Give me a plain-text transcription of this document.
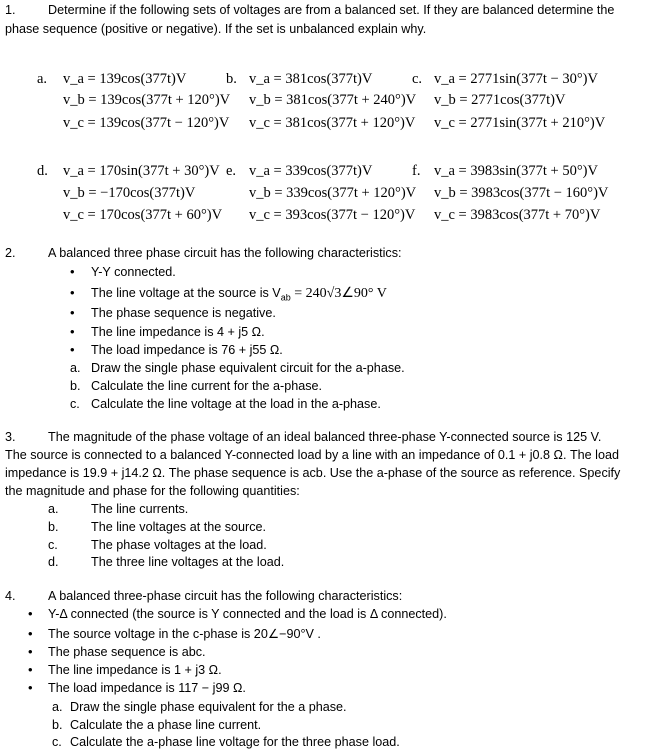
1.	Determine if the following sets of voltages are from a balanced set. If they are balanced determine the
phase sequence (positive or negative). If the set is unbalanced explain why.
2.	A balanced three phase circuit has the following characteristics:
3.	The magnitude of the phase voltage of an ideal balanced three-phase Y-connected source is 125 V.
The source is connected to a balanced Y-connected load by a line with an impedance of 0.1 + j0.8 Ω. The load
impedance is 19.9 + j14.2 Ω. The phase sequence is acb. Use the a-phase of the source as reference. Specify
the magnitude and phase for the following quantities:
4.	A balanced three-phase circuit has the following characteristics:
a. v_a = 139cos(377t)V
v_b = 139cos(377t + 120°)V
v_c = 139cos(377t − 120°)V
b. v_a = 381cos(377t)V
v_b = 381cos(377t + 240°)V
v_c = 381cos(377t + 120°)V
c. v_a = 2771sin(377t − 30°)V
v_b = 2771cos(377t)V
v_c = 2771sin(377t + 210°)V
d. v_a = 170sin(377t + 30°)V
v_b = −170cos(377t)V
v_c = 170cos(377t + 60°)V
e. v_a = 339cos(377t)V
v_b = 339cos(377t + 120°)V
v_c = 393cos(377t − 120°)V
f. v_a = 3983sin(377t + 50°)V
v_b = 3983cos(377t − 160°)V
v_c = 3983cos(377t + 70°)V
• Y-Y connected.
• The line voltage at the source is $V_{ab}$ = 240√3∠90° V
• The phase sequence is negative.
• The line impedance is 4 + j5 Ω.
• The load impedance is 76 + j55 Ω.
a. Draw the single phase equivalent circuit for the a-phase.
b. Calculate the line current for the a-phase.
c. Calculate the line voltage at the load in the a-phase.
a.	The line currents.
b.	The line voltages at the source.
c.	The phase voltages at the load.
d.	The three line voltages at the load.
• Y-Δ connected (the source is Y connected and the load is Δ connected).
• The source voltage in the c-phase is 20∠−90°V .
• The phase sequence is abc.
• The line impedance is 1 + j3 Ω.
• The load impedance is 117 − j99 Ω.
a. Draw the single phase equivalent for the a phase.
b. Calculate the a phase line current.
c. Calculate the a-phase line voltage for the three phase load.
